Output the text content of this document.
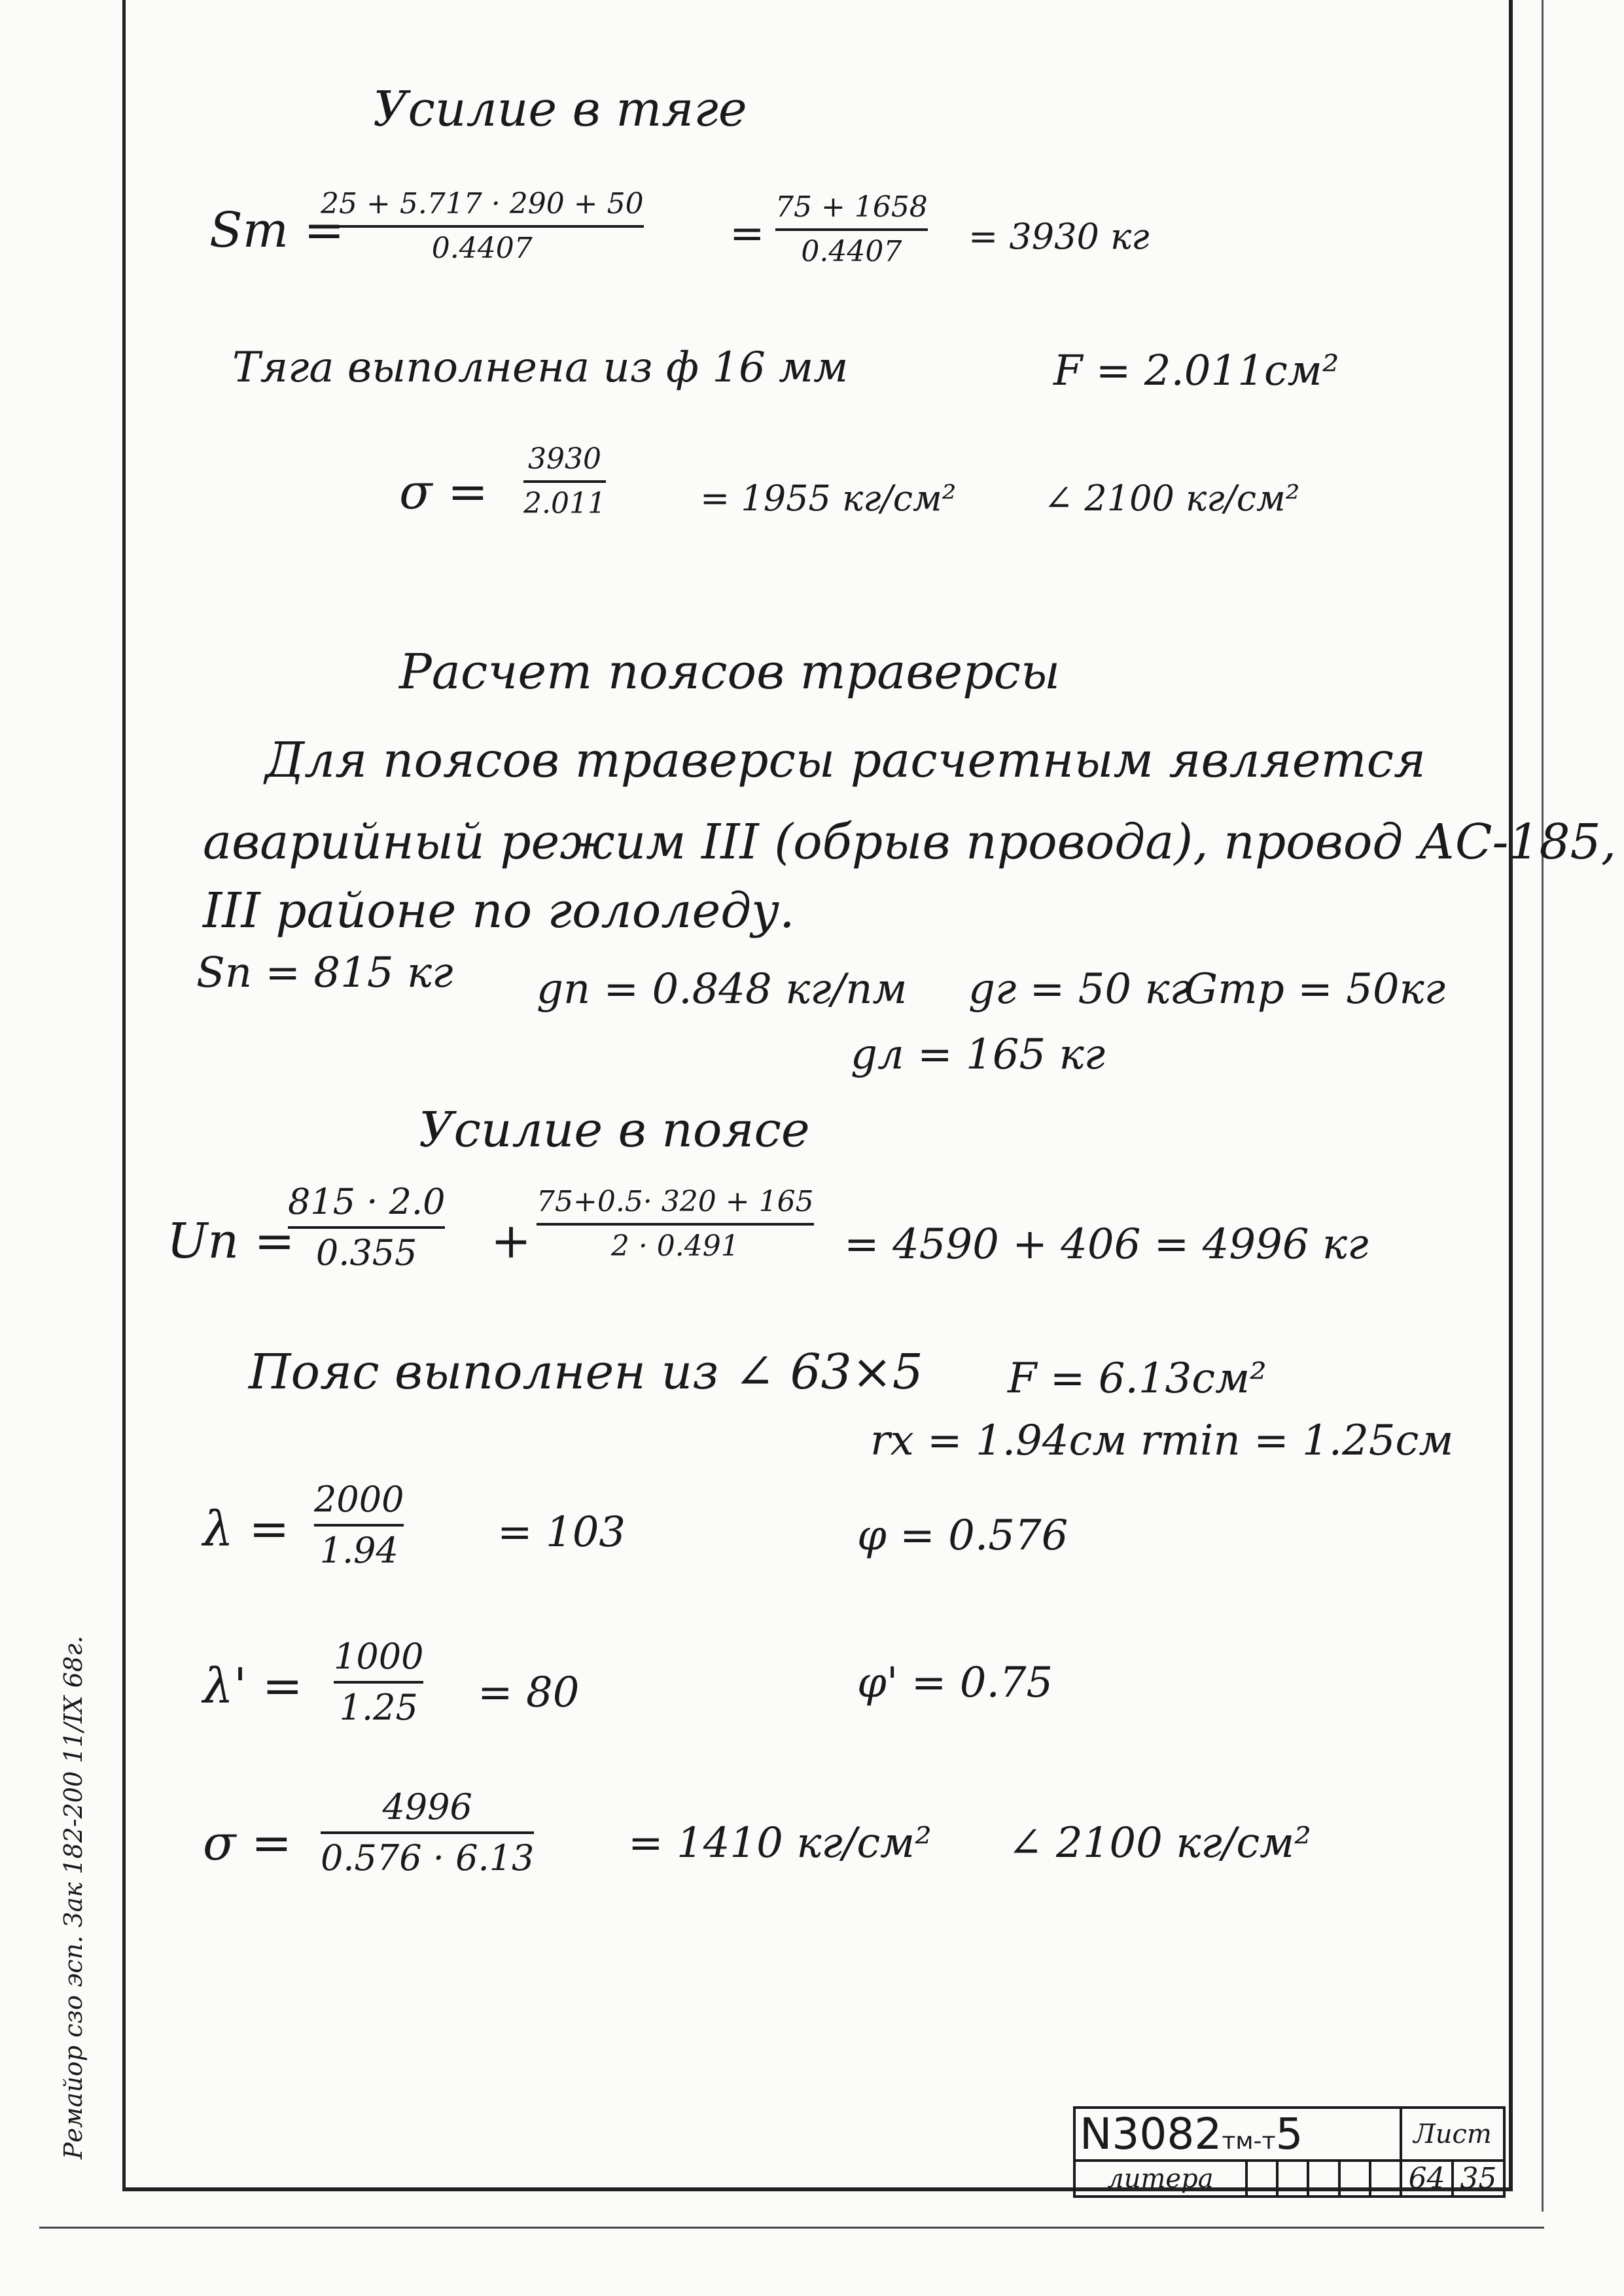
Усилие в тяге
Sт =
25 + 5.717 · 290 + 50
0.4407	=
75 + 1658
0.4407 = 3930 кг
Тяга выполнена из ф 16 мм	F = 2.011см²
σ =
3930
2.011	= 1955 кг/см² ∠ 2100 кг/см²
Расчет поясов траверсы
Для поясов траверсы расчетным является
аварийный режим III (обрыв провода), провод АС-185,
III районе по гололеду.
Sп = 815 кг gп = 0.848 кг/пм gг = 50 кг
Gтр = 50кг
gл = 165 кг
Усилие в поясе
Uп =
815 · 2.0
0.355 +
75+0.5· 320 + 165
2 · 0.491	= 4590 + 406 = 4996 кг
Пояс выполнен из ∠ 63×5 F = 6.13см²
rx = 1.94см rmin = 1.25см
λ =
2000
1.94 = 103	φ = 0.576
λ' =
1000
1.25 = 80	φ' = 0.75
σ =
4996
0.576 · 6.13 = 1410 кг/см² ∠ 2100 кг/см²
Ремайор сзо эсп. Зак 182-200 11/IX 68г.	N3082тм-т5						Лист	
литера						64	35
